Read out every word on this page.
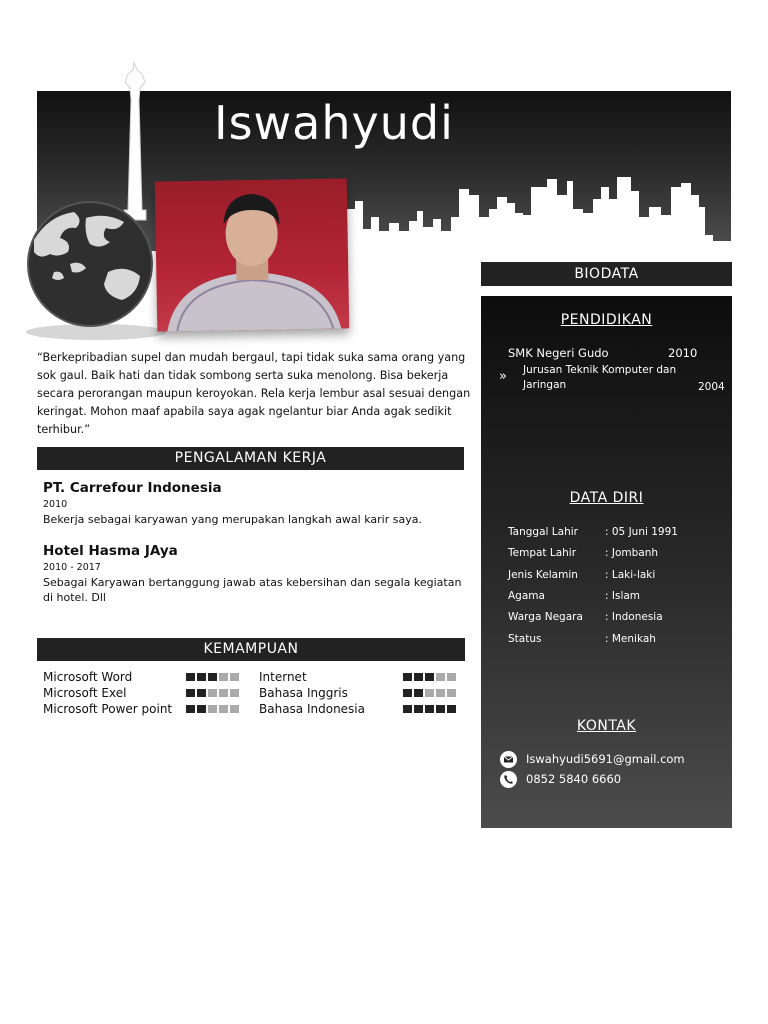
Iswahyudi
“Berkepribadian supel dan mudah bergaul, tapi tidak suka sama orang yang sok gaul. Baik hati dan tidak sombong serta suka menolong. Bisa bekerja secara perorangan maupun keroyokan. Rela kerja lembur asal sesuai dengan keringat. Mohon maaf apabila saya agak ngelantur biar Anda agak sedikit terhibur.”
PENGALAMAN KERJA
PT. Carrefour Indonesia
2010
Bekerja sebagai karyawan yang merupakan langkah awal karir saya.
Hotel Hasma JAya
2010 - 2017
Sebagai Karyawan bertanggung jawab atas kebersihan dan segala kegiatan di hotel. Dll
KEMAMPUAN
Microsoft Word
Microsoft Exel
Microsoft Power point
Internet
Bahasa Inggris
Bahasa Indonesia
BIODATA
PENDIDIKAN
SMK Negeri Gudo	2010
» Jurusan Teknik Komputer dan
Jaringan	2004
DATA DIRI
Tanggal Lahir	: 05 Juni 1991
Tempat Lahir	: Jombanh
Jenis Kelamin	: Laki-laki
Agama	: Islam
Warga Negara : Indonesia
Status	: Menikah
KONTAK
Iswahyudi5691@gmail.com
0852 5840 6660
